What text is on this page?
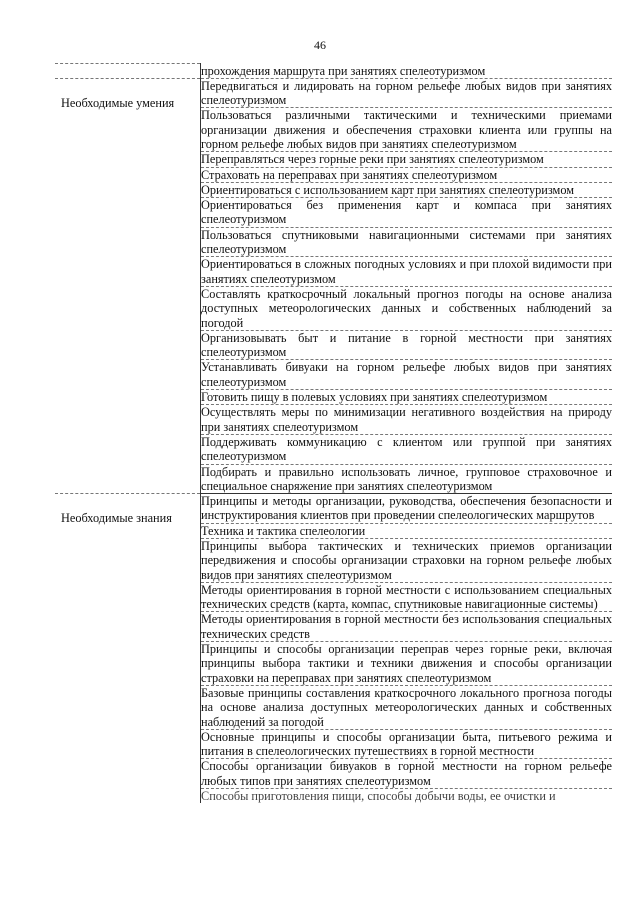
46
	прохождения маршрута при занятиях спелеотуризмом

Необходимые умения	Передвигаться и лидировать на горном рельефе любых видов при занятиях спелеотуризмом
	Пользоваться различными тактическими и техническими приемами организации движения и обеспечения страховки клиента или группы на горном рельефе любых видов при занятиях спелеотуризмом
	Переправляться через горные реки при занятиях спелеотуризмом
	Страховать на переправах при занятиях спелеотуризмом
	Ориентироваться с использованием карт при занятиях спелеотуризмом
	Ориентироваться без применения карт и компаса при занятиях спелеотуризмом
	Пользоваться спутниковыми навигационными системами при занятиях спелеотуризмом
	Ориентироваться в сложных погодных условиях и при плохой видимости при занятиях спелеотуризмом
	Составлять краткосрочный локальный прогноз погоды на основе анализа доступных метеорологических данных и собственных наблюдений за погодой
	Организовывать быт и питание в горной местности при занятиях спелеотуризмом
	Устанавливать бивуаки на горном рельефе любых видов при занятиях спелеотуризмом
	Готовить пищу в полевых условиях при занятиях спелеотуризмом
	Осуществлять меры по минимизации негативного воздействия на природу при занятиях спелеотуризмом
	Поддерживать коммуникацию с клиентом или группой при занятиях спелеотуризмом
	Подбирать и правильно использовать личное, групповое страховочное и специальное снаряжение при занятиях спелеотуризмом

Необходимые знания	Принципы и методы организации, руководства, обеспечения безопасности и инструктирования клиентов при проведении спелеологических маршрутов
	Техника и тактика спелеологии
	Принципы выбора тактических и технических приемов организации передвижения и способы организации страховки на горном рельефе любых видов при занятиях спелеотуризмом
	Методы ориентирования в горной местности с использованием специальных технических средств (карта, компас, спутниковые навигационные системы)
	Методы ориентирования в горной местности без использования специальных технических средств
	Принципы и способы организации переправ через горные реки, включая принципы выбора тактики и техники движения и способы организации страховки на переправах при занятиях спелеотуризмом
	Базовые принципы составления краткосрочного локального прогноза погоды на основе анализа доступных метеорологических данных и собственных наблюдений за погодой
	Основные принципы и способы организации быта, питьевого режима и питания в спелеологических путешествиях в горной местности
	Способы организации бивуаков в горной местности на горном рельефе любых типов при занятиях спелеотуризмом
	Способы приготовления пищи, способы добычи воды, ее очистки и
